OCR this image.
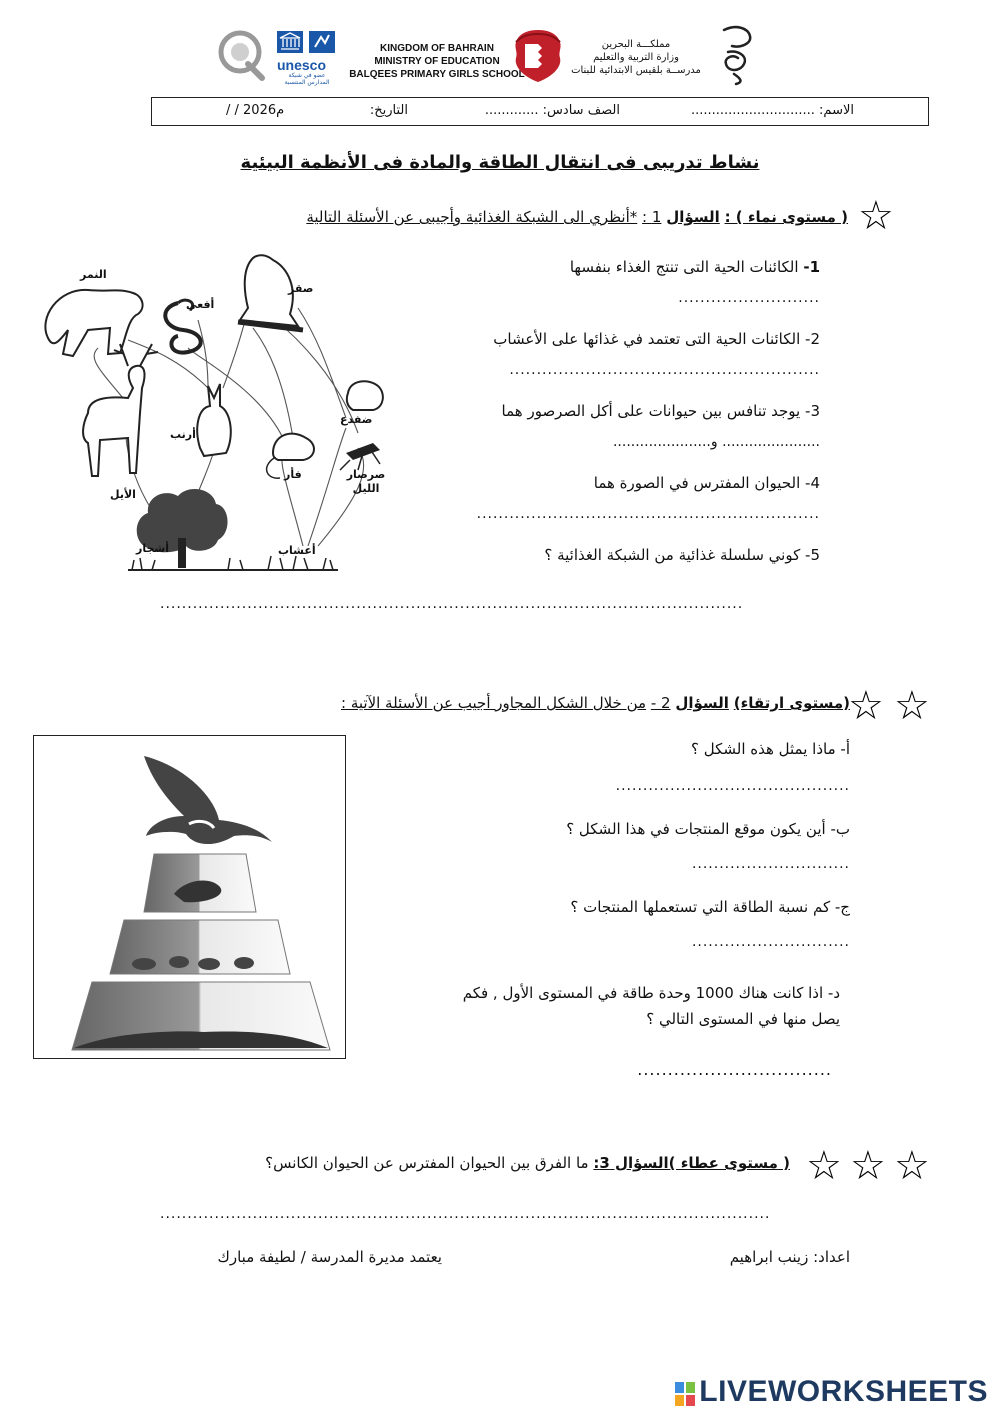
unesco
عضو في شبكة المدارس المنتسبة
KINGDOM OF BAHRAIN
MINISTRY OF EDUCATION
BALQEES PRIMARY GIRLS SCHOOL
مملكـــة البحرين
وزارة التربية والتعليم
مدرســة بلقيس الابتدائية للبنات
الاسم: ..............................
الصف سادس: .............
التاريخ:
/ / 2026م
نشاط تدريبى فى انتقال الطاقة والمادة فى الأنظمة البيئية
☆
( مستوى نماء ) : السؤال 1 : *أنظري الى الشبكة الغذائية وأجيبى عن الأسئلة التالية
النمر
أفعي
صقر
ضفدع
أرنب
الأيل
فأر	صرصار الليل
أشجار	أعشاب
1- الكائنات الحية التى تنتج الغذاء بنفسها
..........................
2- الكائنات الحية التى تعتمد في غذائها على الأعشاب
.........................................................
3- يوجد تنافس بين حيوانات على أكل الصرصور هما
...................... و......................
4- الحيوان المفترس في الصورة هما
...............................................................
5- كوني سلسلة غذائية من الشبكة الغذائية ؟
...........................................................................................................
☆
☆
(مستوى ارتقاء) السؤال 2 - من خلال الشكل المجاور أجيب عن الأسئلة الآتية :
أ- ماذا يمثل هذه الشكل ؟
...........................................
ب- أين يكون موقع المنتجات في هذا الشكل ؟
.............................
ج- كم نسبة الطاقة التي تستعملها المنتجات ؟
.............................
د- اذا كانت هناك 1000 وحدة طاقة في المستوى الأول , فكم
يصل منها في المستوى التالي ؟
................................
☆
☆
☆
( مستوى عطاء )السؤال 3: ما الفرق بين الحيوان المفترس عن الحيوان الكانس؟
................................................................................................................
اعداد: زينب ابراهيم
يعتمد مديرة المدرسة / لطيفة مبارك
LIVEWORKSHEETS
